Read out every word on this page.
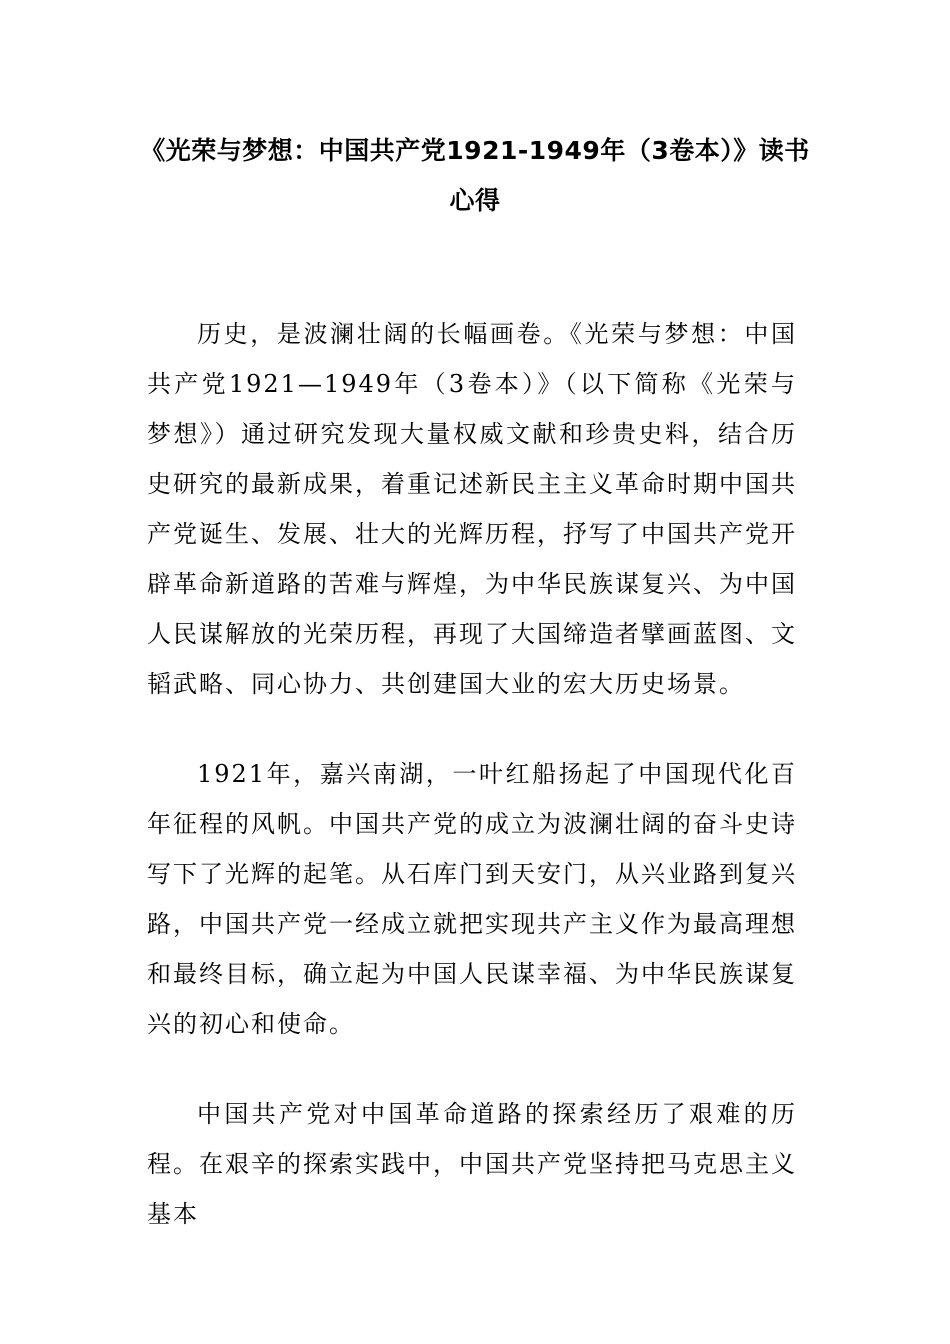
《光荣与梦想：中国共产党1921-1949年（3卷本）》读书心得

历史，是波澜壮阔的长幅画卷。《光荣与梦想：中国共产党1921—1949年（3卷本）》（以下简称《光荣与梦想》）通过研究发现大量权威文献和珍贵史料，结合历史研究的最新成果，着重记述新民主主义革命时期中国共产党诞生、发展、壮大的光辉历程，抒写了中国共产党开辟革命新道路的苦难与辉煌，为中华民族谋复兴、为中国人民谋解放的光荣历程，再现了大国缔造者擘画蓝图、文韬武略、同心协力、共创建国大业的宏大历史场景。

1921年，嘉兴南湖，一叶红船扬起了中国现代化百年征程的风帆。中国共产党的成立为波澜壮阔的奋斗史诗写下了光辉的起笔。从石库门到天安门，从兴业路到复兴路，中国共产党一经成立就把实现共产主义作为最高理想和最终目标，确立起为中国人民谋幸福、为中华民族谋复兴的初心和使命。

中国共产党对中国革命道路的探索经历了艰难的历程。在艰辛的探索实践中，中国共产党坚持把马克思主义基本
